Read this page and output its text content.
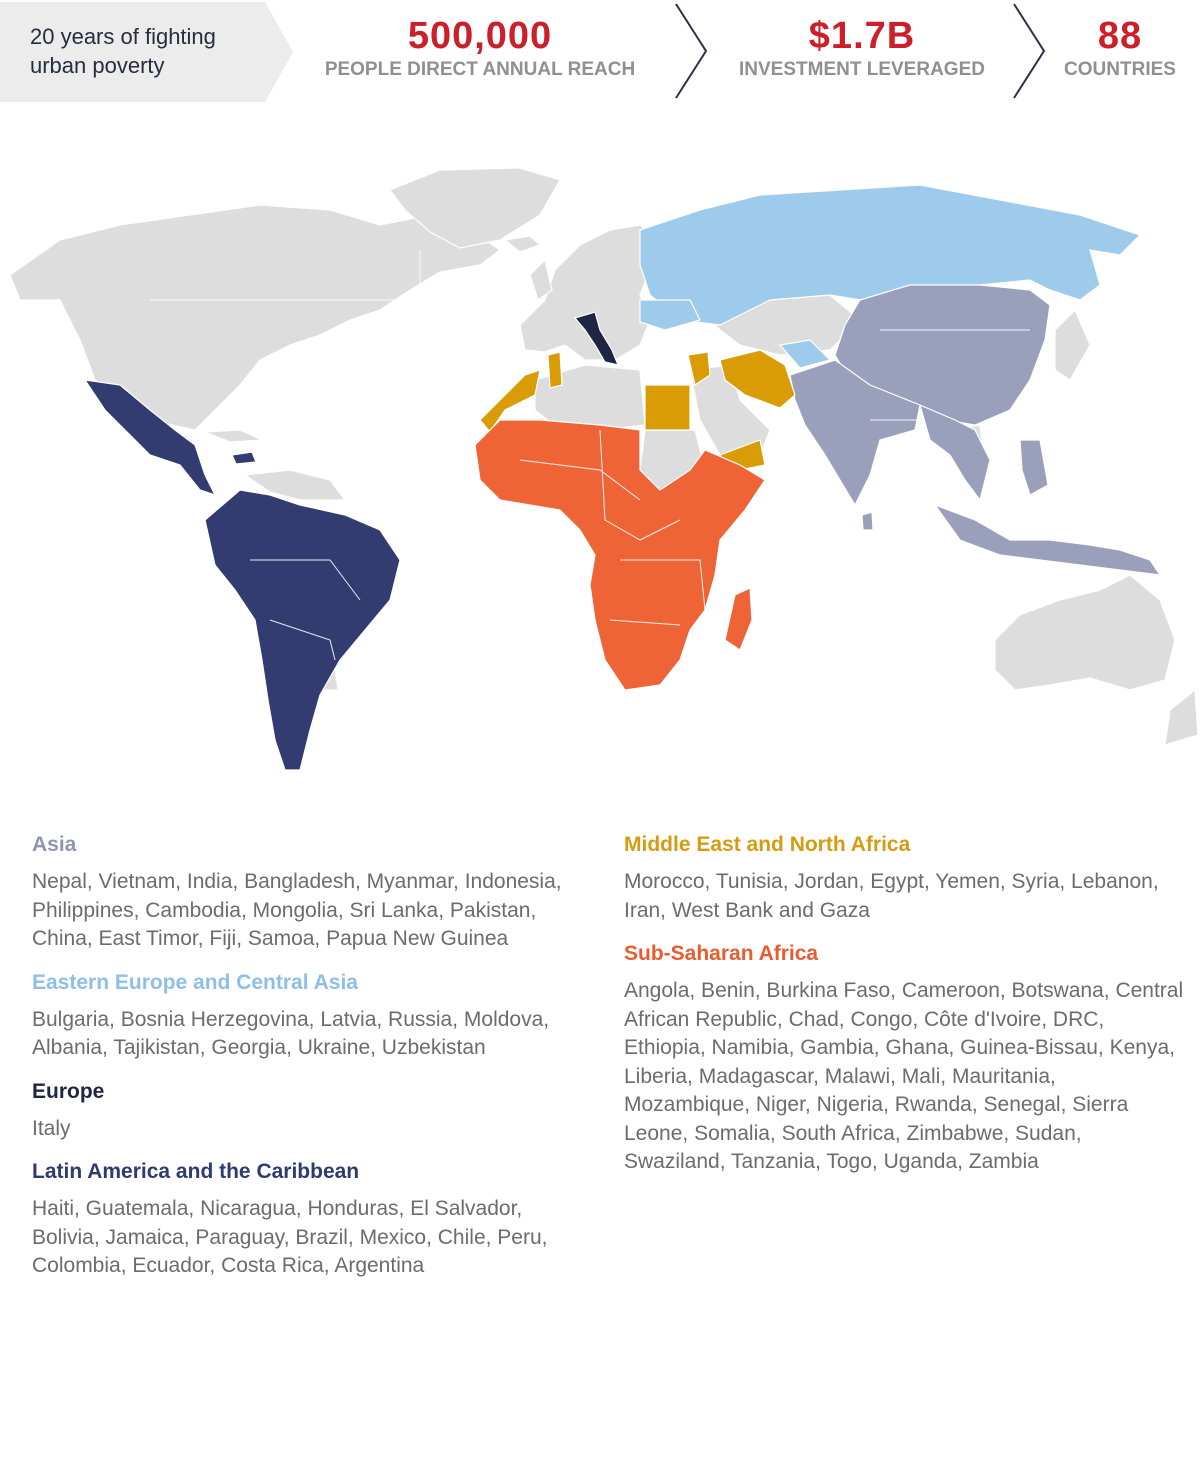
20 years of fighting urban poverty
500,000
PEOPLE DIRECT ANNUAL REACH
$1.7B
INVESTMENT LEVERAGED
88
COUNTRIES
Asia

Nepal, Vietnam, India, Bangladesh, Myanmar, Indonesia, Philippines, Cambodia, Mongolia, Sri Lanka, Pakistan, China, East Timor, Fiji, Samoa, Papua New Guinea

Eastern Europe and Central Asia

Bulgaria, Bosnia Herzegovina, Latvia, Russia, Moldova, Albania, Tajikistan, Georgia, Ukraine, Uzbekistan

Europe

Italy

Latin America and the Caribbean

Haiti, Guatemala, Nicaragua, Honduras, El Salvador, Bolivia, Jamaica, Paraguay, Brazil, Mexico, Chile, Peru, Colombia, Ecuador, Costa Rica, Argentina

Middle East and North Africa

Morocco, Tunisia, Jordan, Egypt, Yemen, Syria, Lebanon, Iran, West Bank and Gaza

Sub-Saharan Africa

Angola, Benin, Burkina Faso, Cameroon, Botswana, Central African Republic, Chad, Congo, Côte d'Ivoire, DRC, Ethiopia, Namibia, Gambia, Ghana, Guinea-Bissau, Kenya, Liberia, Madagascar, Malawi, Mali, Mauritania, Mozambique, Niger, Nigeria, Rwanda, Senegal, Sierra Leone, Somalia, South Africa, Zimbabwe, Sudan, Swaziland, Tanzania, Togo, Uganda, Zambia
